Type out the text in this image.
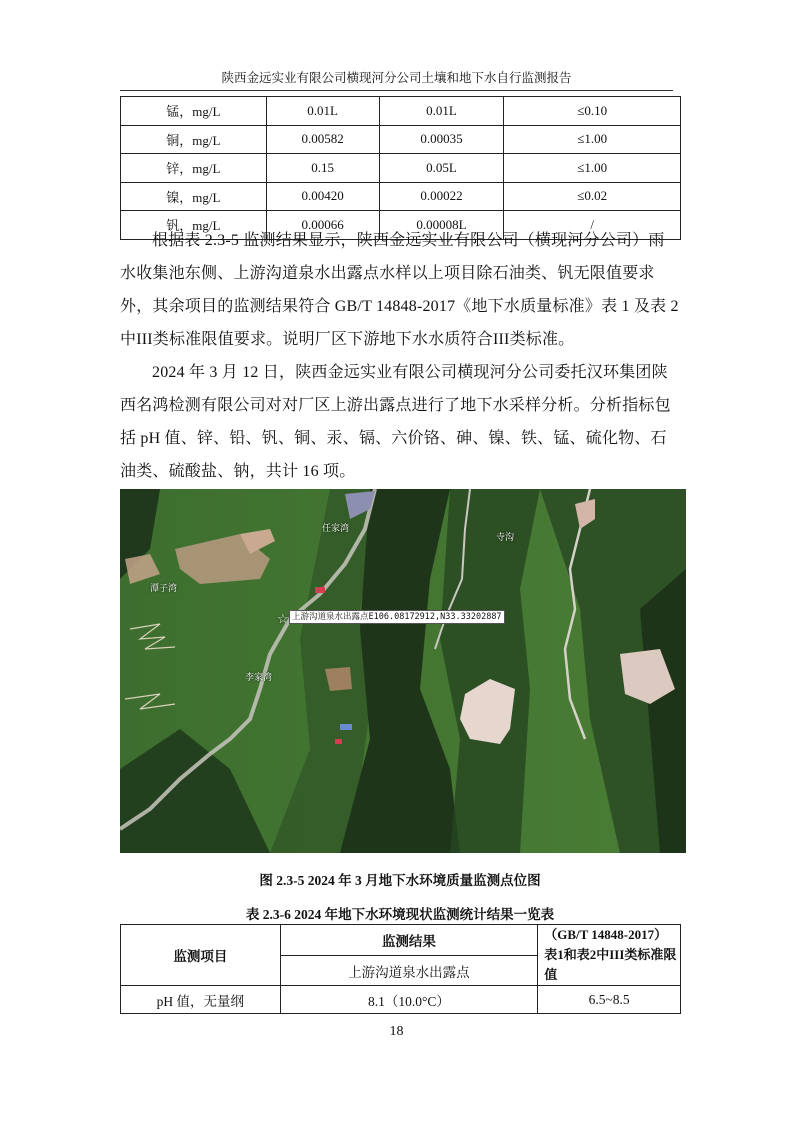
陕西金远实业有限公司横现河分公司土壤和地下水自行监测报告
锰，mg/L	0.01L	0.01L	≤0.10
铜，mg/L	0.00582	0.00035	≤1.00
锌，mg/L	0.15	0.05L	≤1.00
镍，mg/L	0.00420	0.00022	≤0.02
钒，mg/L	0.00066	0.00008L	/

根据表 2.3-5 监测结果显示，陕西金远实业有限公司（横现河分公司）雨水收集池东侧、上游沟道泉水出露点水样以上项目除石油类、钒无限值要求外，其余项目的监测结果符合 GB/T 14848-2017《地下水质量标准》表 1 及表 2 中III类标准限值要求。说明厂区下游地下水水质符合III类标准。

2024 年 3 月 12 日，陕西金远实业有限公司横现河分公司委托汉环集团陕西名鸿检测有限公司对对厂区上游出露点进行了地下水采样分析。分析指标包括 pH 值、锌、铅、钒、铜、汞、镉、六价铬、砷、镍、铁、锰、硫化物、石油类、硫酸盐、钠，共计 16 项。

任家湾
潭子湾
寺沟
李家湾
☆ 上游沟道泉水出露点E106.08172912,N33.33202887
图 2.3-5 2024 年 3 月地下水环境质量监测点位图
表 2.3-6 2024 年地下水环境现状监测统计结果一览表
监测项目	监测结果	（GB/T 14848-2017）表1和表2中III类标准限值
	上游沟道泉水出露点	
pH 值，无量纲	8.1（10.0°C）	6.5~8.5
18
